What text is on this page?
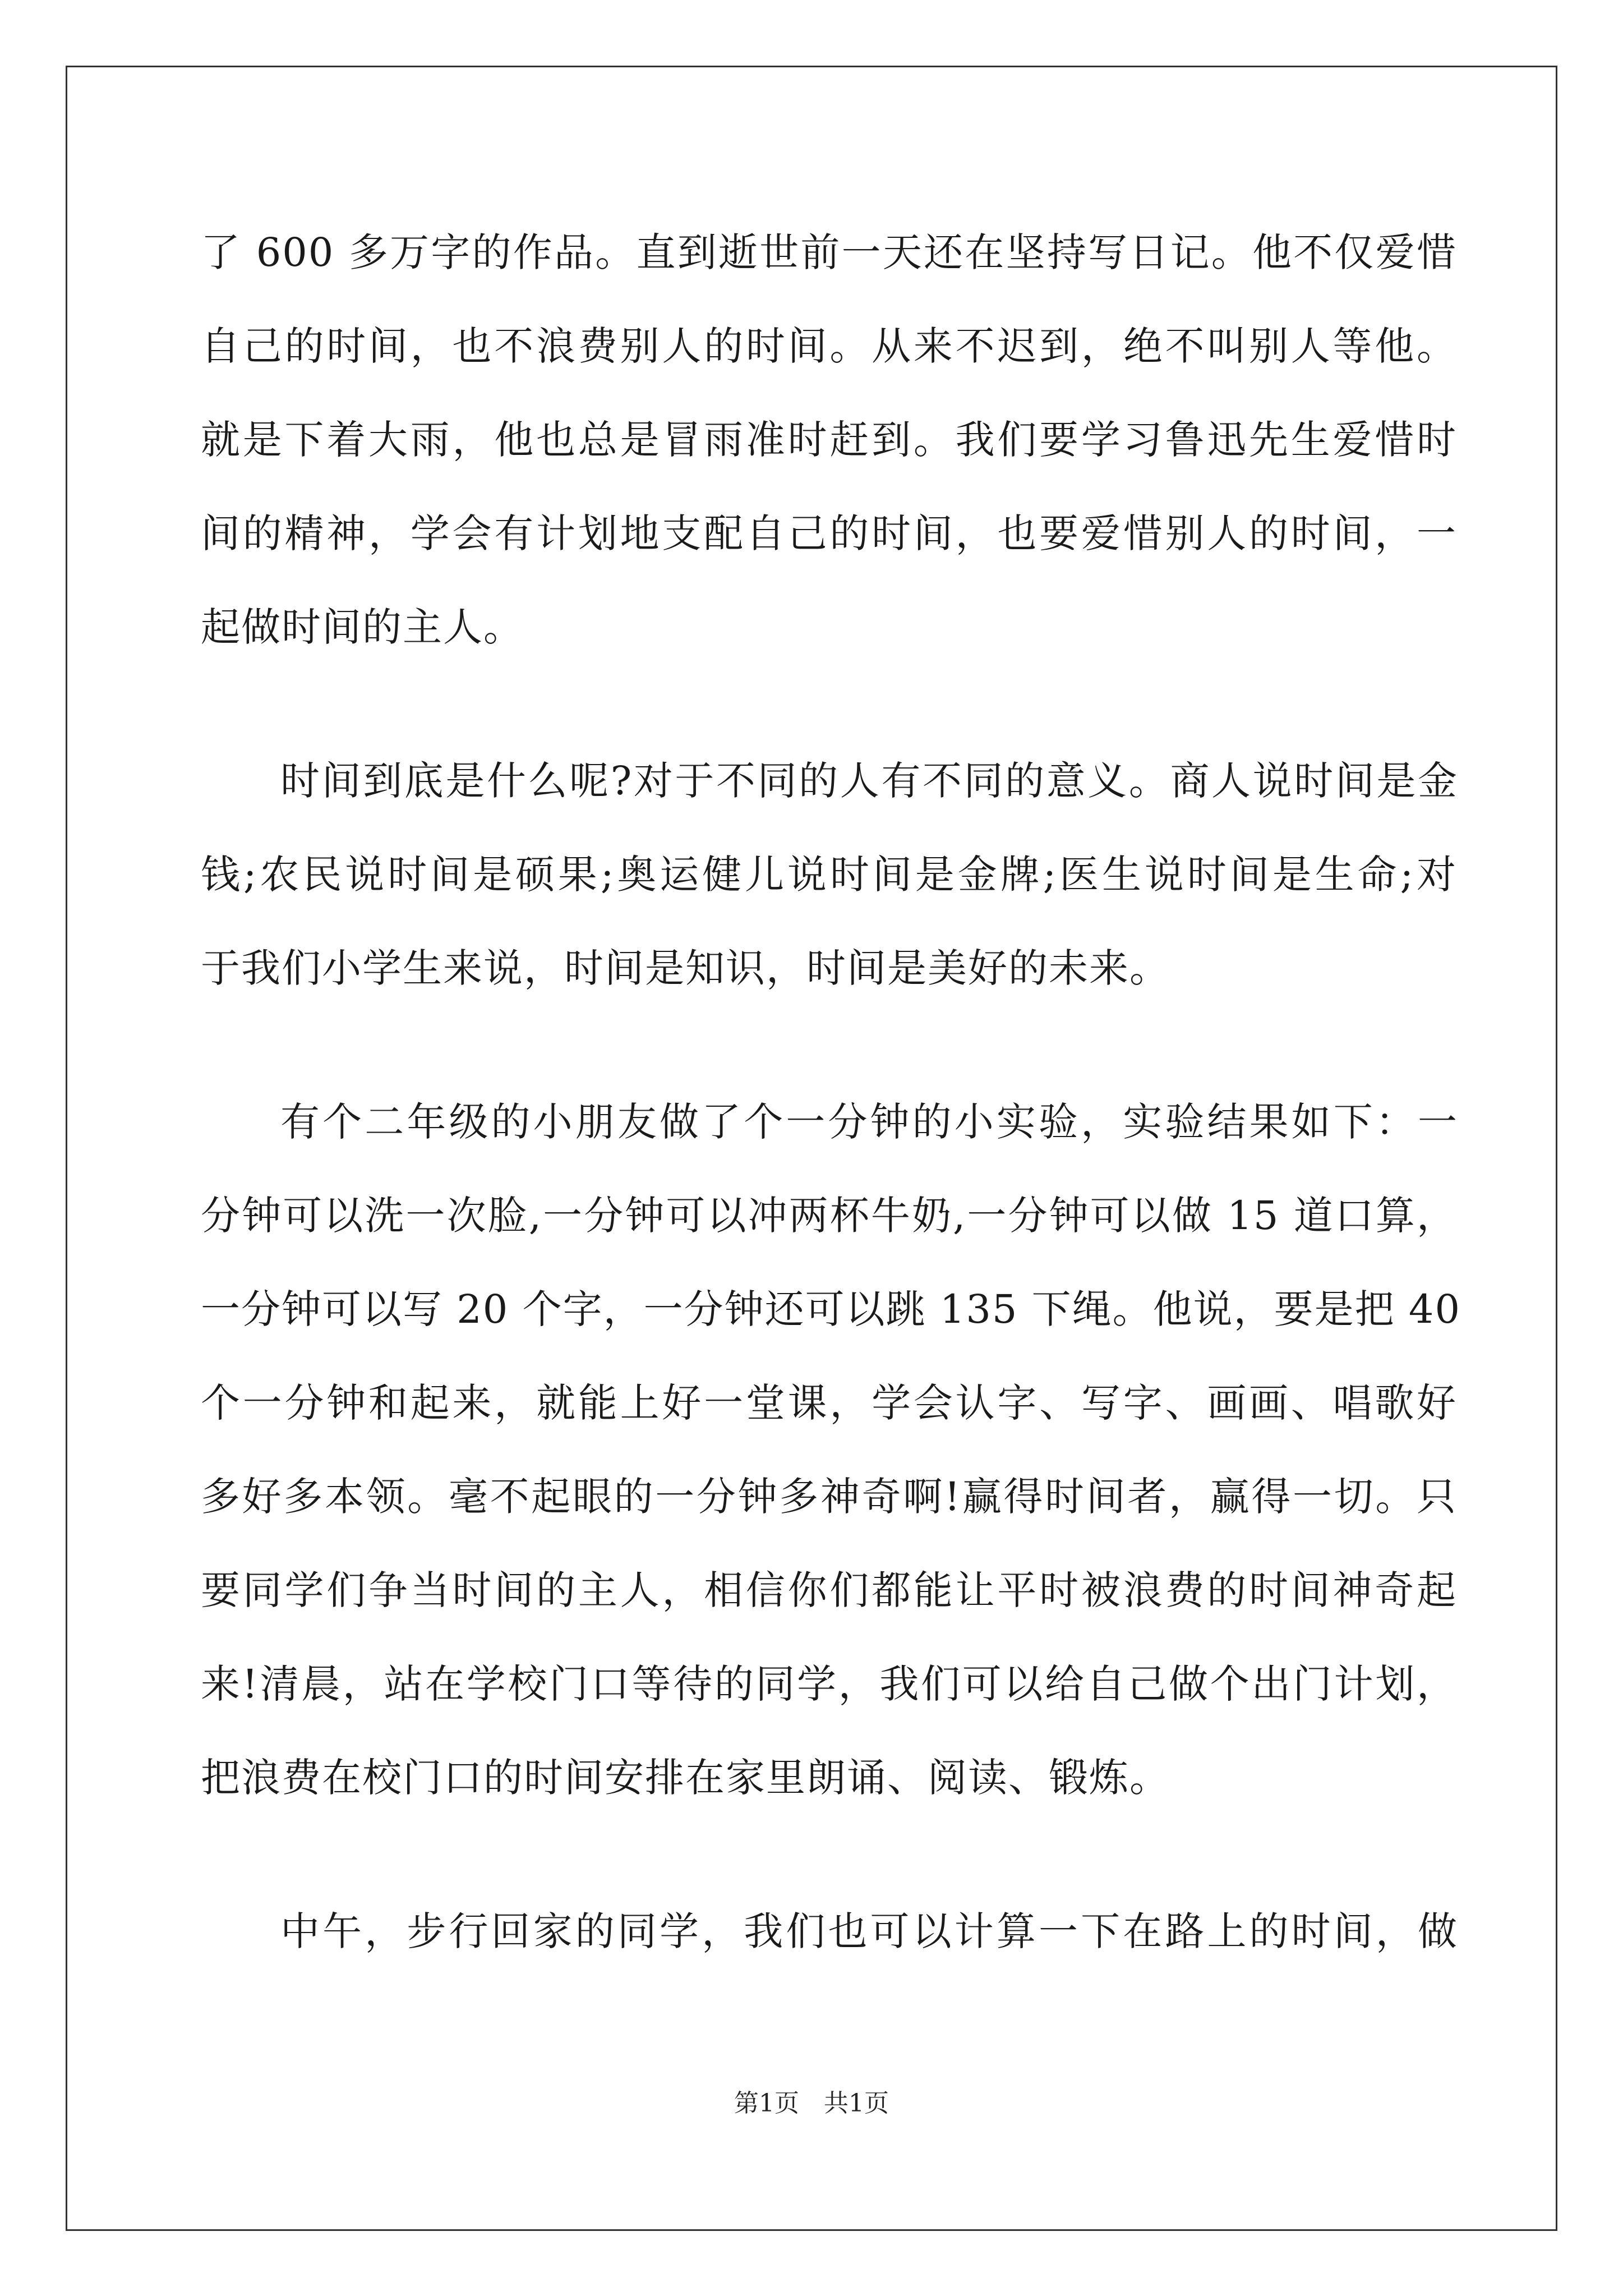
了 600 多万字的作品。直到逝世前一天还在坚持写日记。他不仅爱惜
自己的时间，也不浪费别人的时间。从来不迟到，绝不叫别人等他。
就是下着大雨，他也总是冒雨准时赶到。我们要学习鲁迅先生爱惜时
间的精神，学会有计划地支配自己的时间，也要爱惜别人的时间，一
起做时间的主人。
时间到底是什么呢?对于不同的人有不同的意义。商人说时间是金
钱;农民说时间是硕果;奥运健儿说时间是金牌;医生说时间是生命;对
于我们小学生来说，时间是知识，时间是美好的未来。
有个二年级的小朋友做了个一分钟的小实验，实验结果如下：一
分钟可以洗一次脸,一分钟可以冲两杯牛奶,一分钟可以做 15 道口算，
一分钟可以写 20 个字，一分钟还可以跳 135 下绳。他说，要是把 40
个一分钟和起来，就能上好一堂课，学会认字、写字、画画、唱歌好
多好多本领。毫不起眼的一分钟多神奇啊!赢得时间者，赢得一切。只
要同学们争当时间的主人，相信你们都能让平时被浪费的时间神奇起
来!清晨，站在学校门口等待的同学，我们可以给自己做个出门计划，
把浪费在校门口的时间安排在家里朗诵、阅读、锻炼。
中午，步行回家的同学，我们也可以计算一下在路上的时间，做
第1页　共1页
